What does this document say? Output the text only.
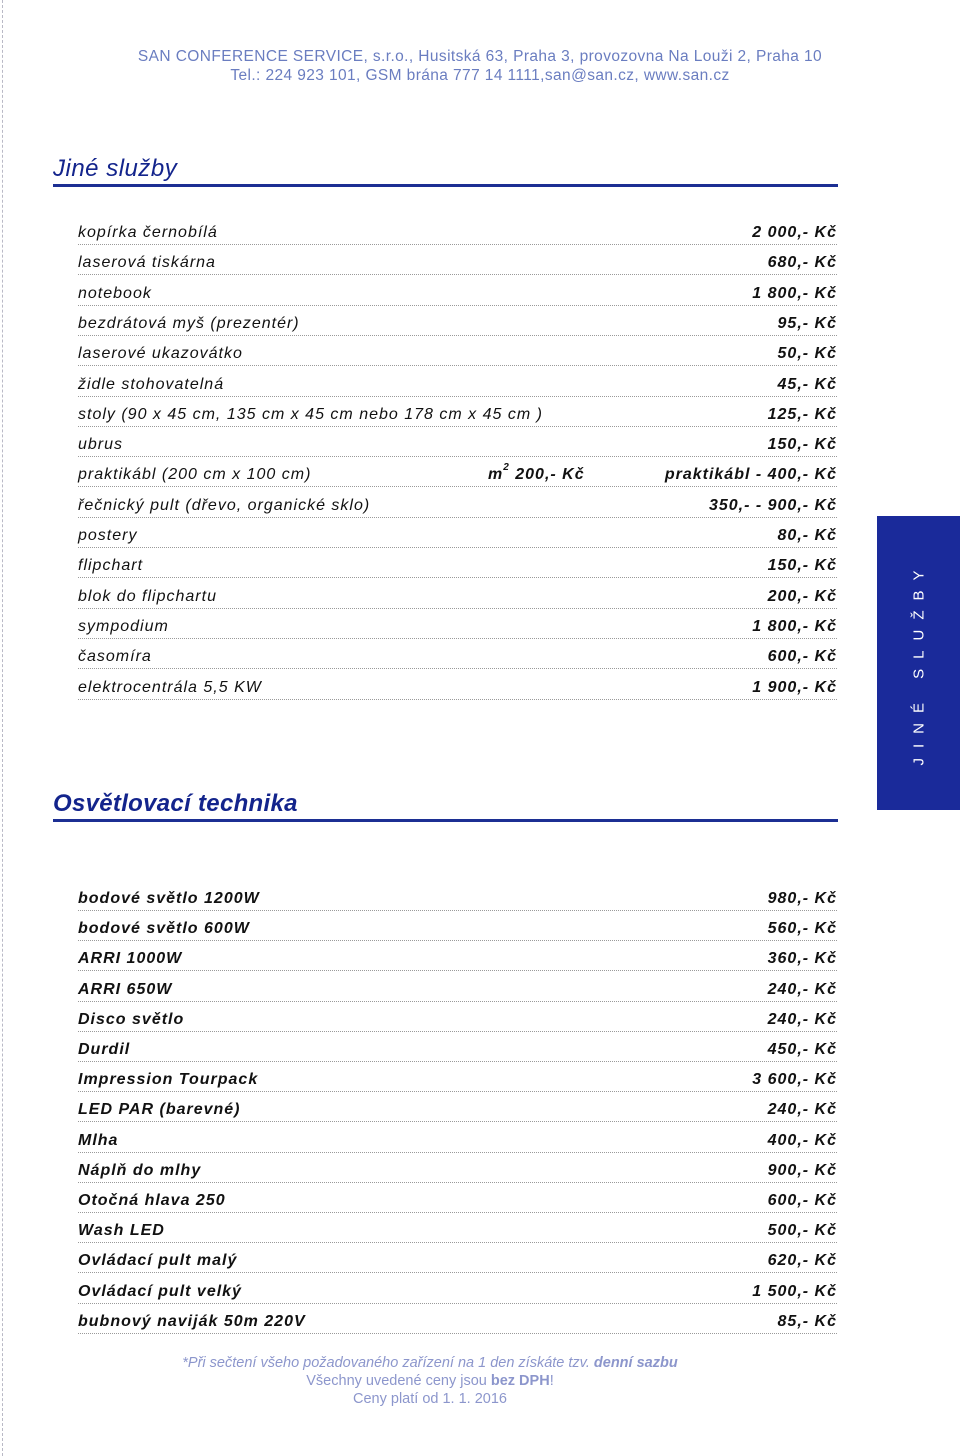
SAN CONFERENCE SERVICE, s.r.o., Husitská 63, Praha 3, provozovna Na Louži 2, Praha 10
Tel.: 224 923 101, GSM brána 777 14 1111,san@san.cz, www.san.cz
Jiné služby
kopírka černobílá	2 000,- Kč
laserová tiskárna	680,- Kč
notebook	1 800,- Kč
bezdrátová myš (prezentér)	95,- Kč
laserové ukazovátko	50,- Kč
židle stohovatelná	45,- Kč
stoly (90 x 45 cm, 135 cm x 45 cm nebo 178 cm x 45 cm )	125,- Kč
ubrus	150,- Kč
praktikábl (200 cm x 100 cm)	$m^2$ 200,- Kč	praktikábl - 400,- Kč
řečnický pult (dřevo, organické sklo)	350,- - 900,- Kč
postery	80,- Kč
flipchart	150,- Kč
blok do flipchartu	200,- Kč
sympodium	1 800,- Kč
časomíra	600,- Kč
elektrocentrála 5,5 KW	1 900,- Kč	JINÉ SLUŽBY
Osvětlovací technika
bodové světlo 1200W	980,- Kč
bodové světlo 600W	560,- Kč
ARRI 1000W	360,- Kč
ARRI 650W	240,- Kč
Disco světlo	240,- Kč
Durdil	450,- Kč
Impression Tourpack	3 600,- Kč
LED PAR (barevné)	240,- Kč
Mlha	400,- Kč
Náplň do mlhy	900,- Kč
Otočná hlava 250	600,- Kč
Wash LED	500,- Kč
Ovládací pult malý	620,- Kč
Ovládací pult velký	1 500,- Kč
bubnový naviják 50m 220V	85,- Kč
*Při sečtení všeho požadovaného zařízení na 1 den získáte tzv. denní sazbu
Všechny uvedené ceny jsou bez DPH!
Ceny platí od 1. 1. 2016
